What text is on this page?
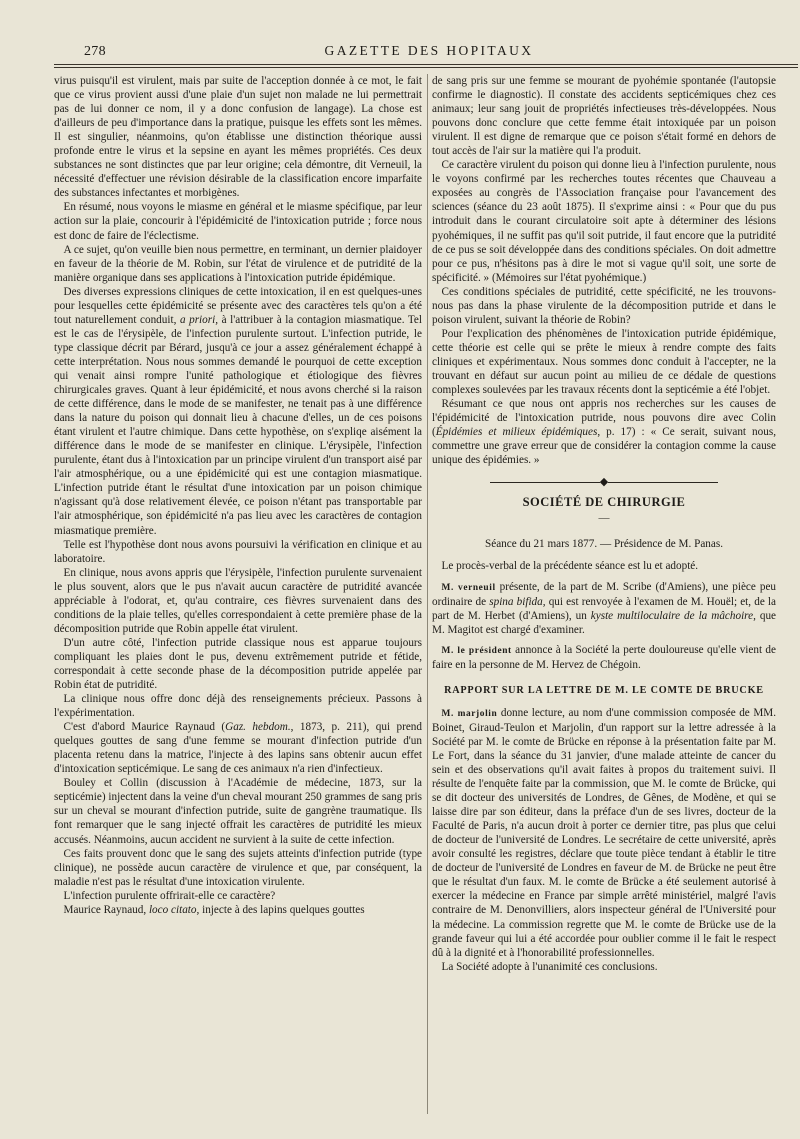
278	GAZETTE DES HOPITAUX

virus puisqu'il est virulent, mais par suite de l'acception donnée à ce mot, le fait que ce virus provient aussi d'une plaie d'un sujet non malade ne lui permettrait pas de lui donner ce nom, il y a donc confusion de langage). La chose est d'ailleurs de peu d'importance dans la pratique, puisque les effets sont les mêmes. Il est singulier, néanmoins, qu'on établisse une distinction théorique aussi profonde entre le virus et la sepsine en ayant les mêmes propriétés. Ces deux substances ne sont distinctes que par leur origine; cela démontre, dit Verneuil, la nécessité d'effectuer une révision désirable de la classification encore imparfaite des substances infectantes et morbigènes.

En résumé, nous voyons le miasme en général et le miasme spécifique, par leur action sur la plaie, concourir à l'épidémicité de l'intoxication putride ; force nous est donc de faire de l'éclectisme.

A ce sujet, qu'on veuille bien nous permettre, en terminant, un dernier plaidoyer en faveur de la théorie de M. Robin, sur l'état de virulence et de putridité de la manière organique dans ses applications à l'intoxication putride épidémique.

Des diverses expressions cliniques de cette intoxication, il en est quelques-unes pour lesquelles cette épidémicité se présente avec des caractères tels qu'on a été tout naturellement conduit, a priori, à l'attribuer à la contagion miasmatique. Tel est le cas de l'érysipèle, de l'infection purulente surtout. L'infection putride, le type classique décrit par Bérard, jusqu'à ce jour a assez généralement échappé à cette interprétation. Nous nous sommes demandé le pourquoi de cette exception qui venait ainsi rompre l'unité pathologique et étiologique des fièvres chirurgicales graves. Quant à leur épidémicité, et nous avons cherché si la raison de cette différence, dans le mode de se manifester, ne tenait pas à une différence dans la nature du poison qui donnait lieu à chacune d'elles, un de ces poisons étant virulent et l'autre chimique. Dans cette hypothèse, on s'expliqe aisément la différence dans le mode de se manifester en clinique. L'érysipèle, l'infection purulente, étant dus à l'intoxication par un principe virulent d'un transport aisé par l'air atmosphérique, ou a une épidémicité qui est une contagion miasmatique. L'infection putride étant le résultat d'une intoxication par un poison chimique n'agissant qu'à dose relativement élevée, ce poison n'étant pas transportable par l'air atmosphérique, son épidémicité n'a pas lieu avec les caractères de contagion miasmatique première.

Telle est l'hypothèse dont nous avons poursuivi la vérification en clinique et au laboratoire.

En clinique, nous avons appris que l'érysipèle, l'infection purulente survenaient le plus souvent, alors que le pus n'avait aucun caractère de putridité avancée appréciable à l'odorat, et, qu'au contraire, ces fièvres survenaient dans des conditions de la plaie telles, qu'elles correspondaient à cette première phase de la décomposition putride que Robin appelle état virulent.

D'un autre côté, l'infection putride classique nous est apparue toujours compliquant les plaies dont le pus, devenu extrêmement putride et fétide, correspondait à cette seconde phase de la décomposition putride appelée par Robin état de putridité.

La clinique nous offre donc déjà des renseignements précieux. Passons à l'expérimentation.

C'est d'abord Maurice Raynaud (Gaz. hebdom., 1873, p. 211), qui prend quelques gouttes de sang d'une femme se mourant d'infection putride d'un placenta retenu dans la matrice, l'injecte à des lapins sans obtenir aucun effet d'intoxication septicémique. Le sang de ces animaux n'a rien d'infectieux.

Bouley et Collin (discussion à l'Académie de médecine, 1873, sur la septicémie) injectent dans la veine d'un cheval mourant 250 grammes de sang pris sur un cheval se mourant d'infection putride, suite de gangrène traumatique. Ils font remarquer que le sang injecté offrait les caractères de putridité les mieux accusés. Néanmoins, aucun accident ne survient à la suite de cette infection.

Ces faits prouvent donc que le sang des sujets atteints d'infection putride (type clinique), ne possède aucun caractère de virulence et que, par conséquent, la maladie n'est pas le résultat d'une intoxication virulente.

L'infection purulente offrirait-elle ce caractère?

Maurice Raynaud, loco citato, injecte à des lapins quelques gouttes

de sang pris sur une femme se mourant de pyohémie spontanée (l'autopsie confirme le diagnostic). Il constate des accidents septicémiques chez ces animaux; leur sang jouit de propriétés infectieuses très-développées. Nous pouvons donc conclure que cette femme était intoxiquée par un poison virulent. Il est digne de remarque que ce poison s'était formé en dehors de tout accès de l'air sur la matière qui l'a produit.

Ce caractère virulent du poison qui donne lieu à l'infection purulente, nous le voyons confirmé par les recherches toutes récentes que Chauveau a exposées au congrès de l'Association française pour l'avancement des sciences (séance du 23 août 1875). Il s'exprime ainsi : « Pour que du pus introduit dans le courant circulatoire soit apte à déterminer des lésions pyohémiques, il ne suffit pas qu'il soit putride, il faut encore que la putridité de ce pus se soit développée dans des conditions spéciales. On doit admettre pour ce pus, n'hésitons pas à dire le mot si vague qu'il soit, une sorte de spécificité. » (Mémoires sur l'état pyohémique.)

Ces conditions spéciales de putridité, cette spécificité, ne les trouvons-nous pas dans la phase virulente de la décomposition putride et dans le poison virulent, suivant la théorie de Robin?

Pour l'explication des phénomènes de l'intoxication putride épidémique, cette théorie est celle qui se prête le mieux à rendre compte des faits cliniques et expérimentaux. Nous sommes donc conduit à l'accepter, ne la trouvant en défaut sur aucun point au milieu de ce dédale de questions complexes soulevées par les travaux récents dont la septicémie a été l'objet.

Résumant ce que nous ont appris nos recherches sur les causes de l'épidémicité de l'intoxication putride, nous pouvons dire avec Colin (Épidémies et milieux épidémiques, p. 17) : « Ce serait, suivant nous, commettre une grave erreur que de considérer la contagion comme la cause unique des épidémies. »

◆
SOCIÉTÉ DE CHIRURGIE
—
Séance du 21 mars 1877. — Présidence de M. Panas.

Le procès-verbal de la précédente séance est lu et adopté.

M. verneuil présente, de la part de M. Scribe (d'Amiens), une pièce peu ordinaire de spina bifida, qui est renvoyée à l'examen de M. Houël; et, de la part de M. Herbet (d'Amiens), un kyste multiloculaire de la mâchoire, que M. Magitot est chargé d'examiner.

M. le président annonce à la Société la perte douloureuse qu'elle vient de faire en la personne de M. Hervez de Chégoin.

RAPPORT SUR LA LETTRE DE M. LE COMTE DE BRUCKE

M. marjolin donne lecture, au nom d'une commission composée de MM. Boinet, Giraud-Teulon et Marjolin, d'un rapport sur la lettre adressée à la Société par M. le comte de Brücke en réponse à la présentation faite par M. Le Fort, dans la séance du 31 janvier, d'une malade atteinte de cancer du sein et des observations qu'il avait faites à propos du traitement suivi. Il résulte de l'enquête faite par la commission, que M. le comte de Brücke, qui se dit docteur des universités de Londres, de Gênes, de Modène, et qui se laisse dire par son éditeur, dans la préface d'un de ses livres, docteur de la Faculté de Paris, n'a aucun droit à porter ce dernier titre, pas plus que celui de docteur de l'université de Londres. Le secrétaire de cette université, après avoir consulté les registres, déclare que toute pièce tendant à établir le titre de docteur de l'université de Londres en faveur de M. de Brücke ne peut être que le résultat d'un faux. M. le comte de Brücke a été seulement autorisé à exercer la médecine en France par simple arrêté ministériel, malgré l'avis contraire de M. Denonvilliers, alors inspecteur général de l'Université pour la médecine. La commission regrette que M. le comte de Brücke use de la grande faveur qui lui a été accordée pour oublier comme il le fait le respect dû à la dignité et à l'honorabilité professionnelles.

La Société adopte à l'unanimité ces conclusions.
